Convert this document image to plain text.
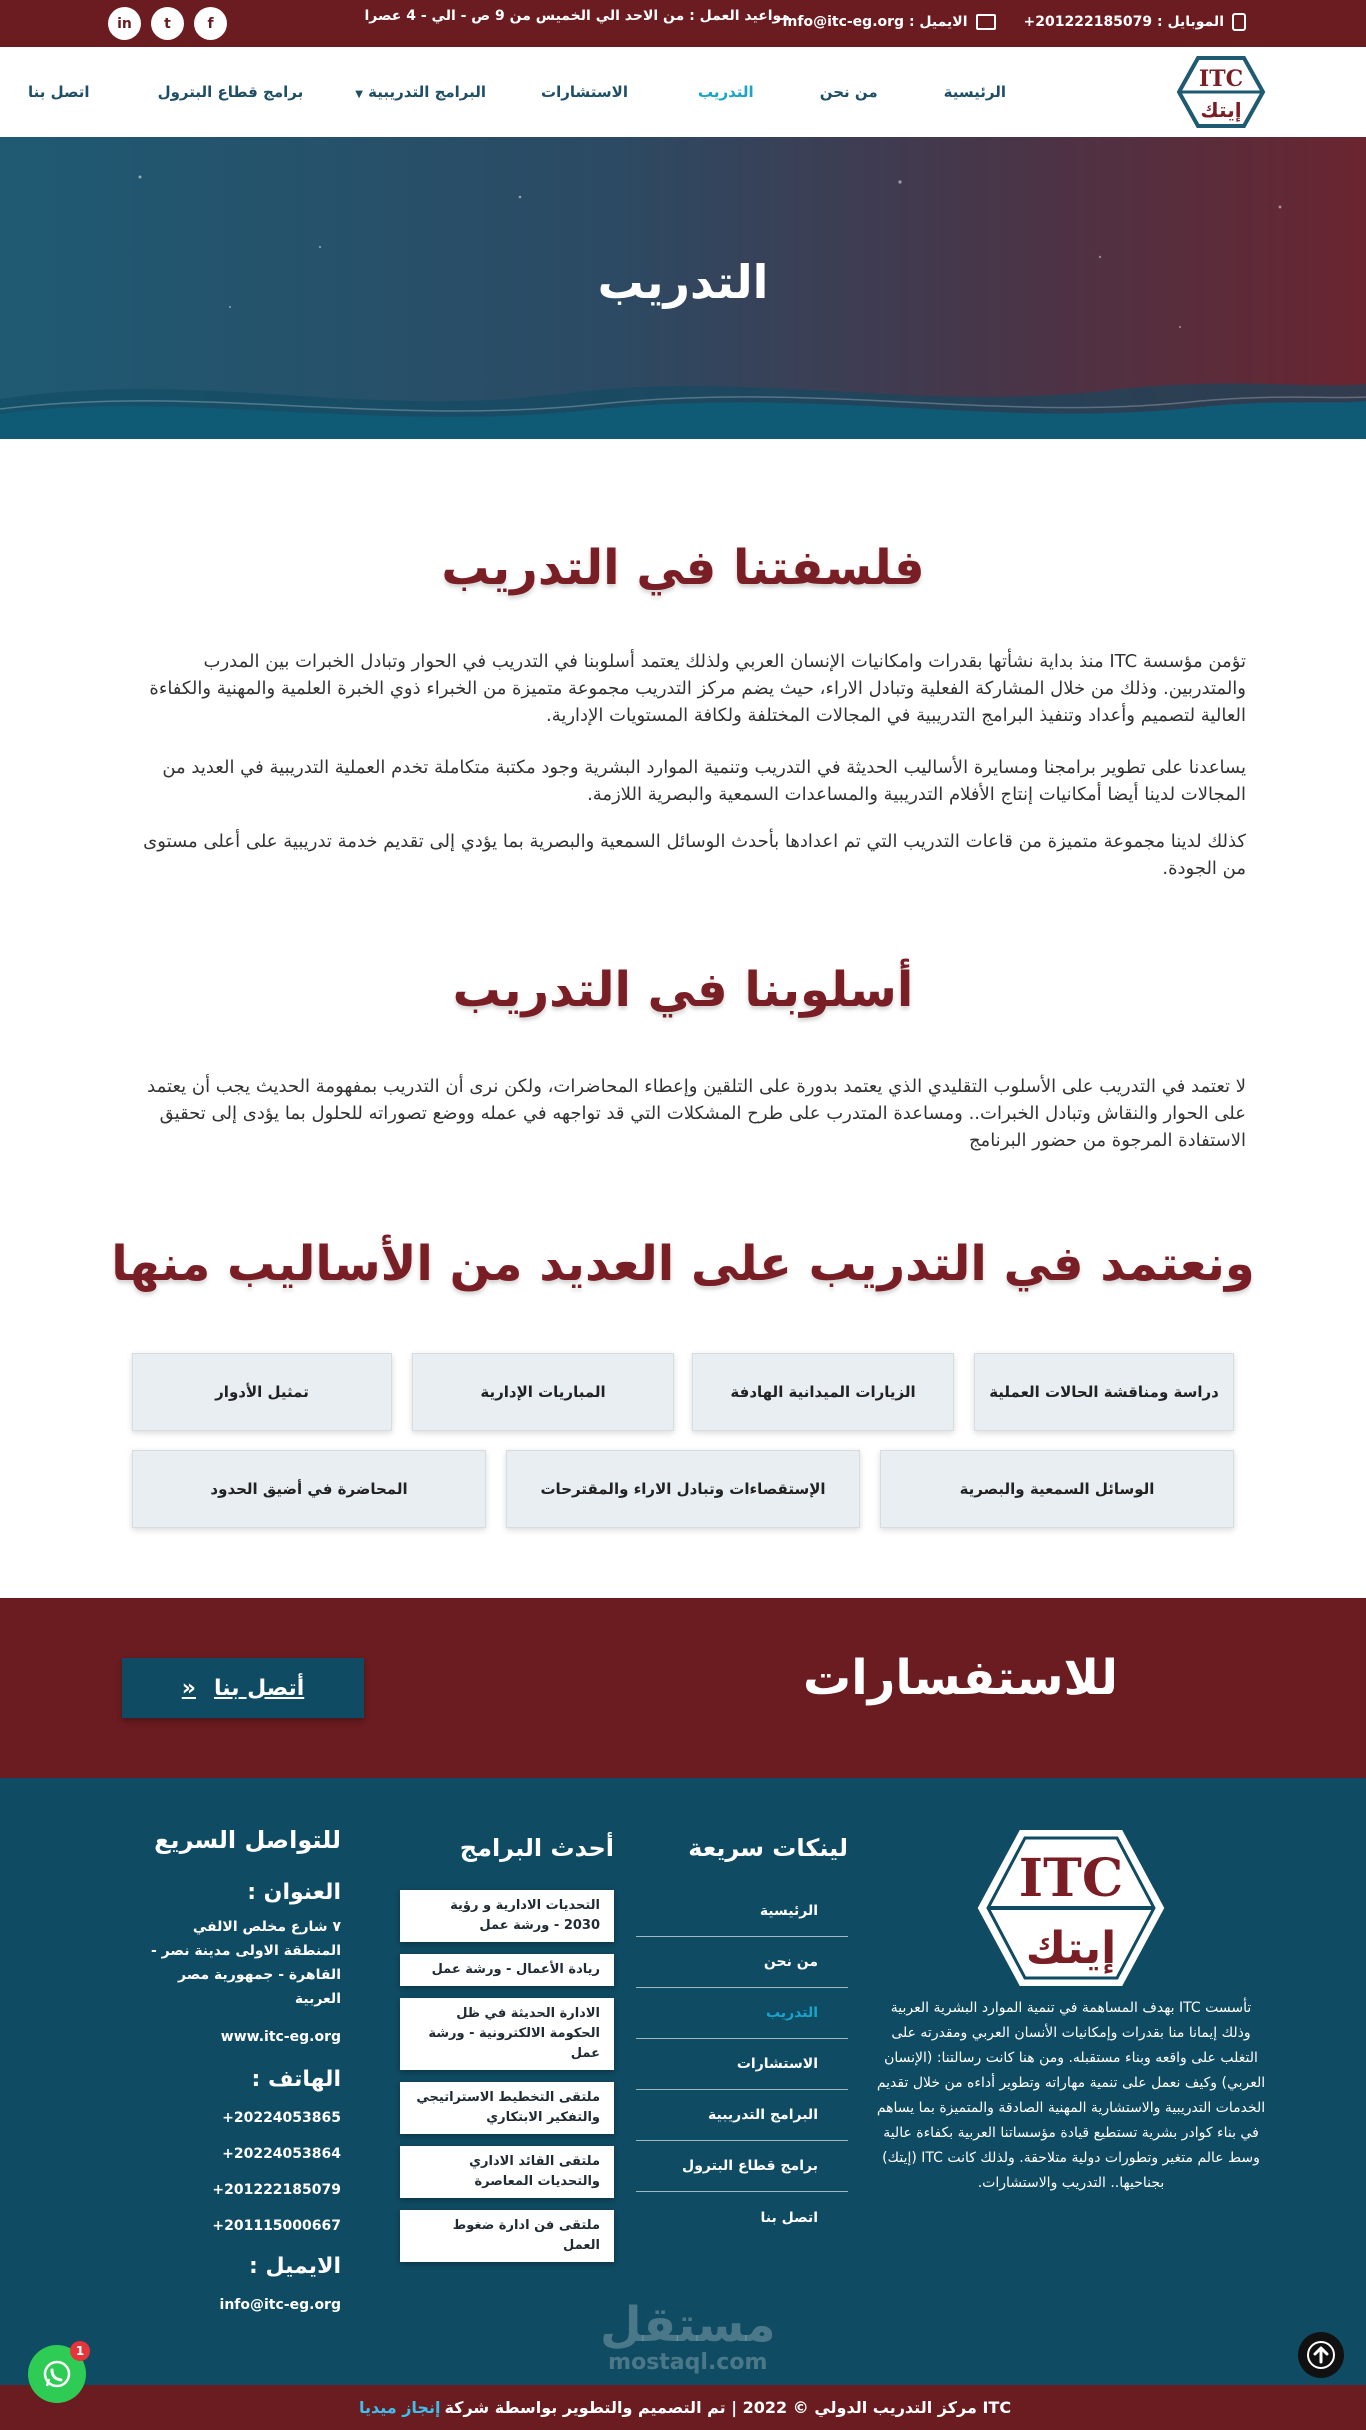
الموبايل : 201222185079+
الايميل : info@itc-eg.org
مواعيد العمل : من الاحد الي الخميس من 9 ص - الي - 4 عصرا
f
t
in
ITC
إيتك
الرئيسية
من نحن
التدريب
الاستشارات
البرامج التدريبية ▼
برامج قطاع البترول
اتصل بنا
التدريب
فلسفتنا في التدريب

تؤمن مؤسسة ITC منذ بداية نشأتها بقدرات وامكانيات الإنسان العربي ولذلك يعتمد أسلوبنا في التدريب في الحوار وتبادل الخبرات بين المدرب والمتدربين. وذلك من خلال المشاركة الفعلية وتبادل الاراء، حيث يضم مركز التدريب مجموعة متميزة من الخبراء ذوي الخبرة العلمية والمهنية والكفاءة العالية لتصميم وأعداد وتنفيذ البرامج التدريبية في المجالات المختلفة ولكافة المستويات الإدارية.

يساعدنا على تطوير برامجنا ومسايرة الأساليب الحديثة في التدريب وتنمية الموارد البشرية وجود مكتبة متكاملة تخدم العملية التدريبية في العديد من المجالات لدينا أيضا أمكانيات إنتاج الأفلام التدريبية والمساعدات السمعية والبصرية اللازمة.

كذلك لدينا مجموعة متميزة من قاعات التدريب التي تم اعدادها بأحدث الوسائل السمعية والبصرية بما يؤدي إلى تقديم خدمة تدريبية على أعلى مستوى من الجودة.

أسلوبنا في التدريب

لا تعتمد في التدريب على الأسلوب التقليدي الذي يعتمد بدورة على التلقين وإعطاء المحاضرات، ولكن نرى أن التدريب بمفهومة الحديث يجب أن يعتمد على الحوار والنقاش وتبادل الخبرات.. ومساعدة المتدرب على طرح المشكلات التي قد تواجهه في عمله ووضع تصوراته للحلول بما يؤدى إلى تحقيق الاستفادة المرجوة من حضور البرنامج

ونعتمد في التدريب على العديد من الأساليب منها
دراسة ومناقشة الحالات العملية
الزيارات الميدانية الهادفة
المباريات الإدارية
تمثيل الأدوار
الوسائل السمعية والبصرية
الإستقصاءات وتبادل الاراء والمقترحات
المحاضرة في أضيق الحدود
للاستفسارات
أتصل بنا
«
ITC
إيتك

تأسست ITC بهدف المساهمة في تنمية الموارد البشرية العربية وذلك إيمانا منا بقدرات وإمكانيات الأنسان العربي ومقدرته على التغلب على واقعه وبناء مستقبله. ومن هنا كانت رسالتنا: (الإنسان العربي) وكيف نعمل على تنمية مهاراته وتطوير أداءه من خلال تقديم الخدمات التدريبية والاستشارية المهنية الصادقة والمتميزة بما يساهم في بناء كوادر بشرية تستطيع قيادة مؤسساتنا العربية بكفاءة عالية وسط عالم متغير وتطورات دولية متلاحقة. ولذلك كانت ITC (إيتك) بجناحيها.. التدريب والاستشارات.

لينكات سريعة
الرئيسية
من نحن
التدريب
الاستشارات
البرامج التدريبية
برامج قطاع البترول
اتصل بنا
أحدث البرامج
التحديات الادارية و رؤية 2030 - ورشة عمل
ريادة الأعمال - ورشة عمل
الادارة الحديثة في ظل الحكومة الالكترونية - ورشة عمل
ملتقى التخطيط الاستراتيجي والتفكير الابتكاري
ملتقى القائد الاداري والتحديات المعاصرة
ملتقى فن ادارة ضغوط العمل
للتواصل السريع
العنوان :
٧ شارع مخلص الالفي المنطقة الاولى مدينة نصر - القاهرة - جمهورية مصر العربية
www.itc-eg.org
الهاتف :
+20224053865
+20224053864
+201222185079
+201115000667
الايميل :
info@itc-eg.org	مستقل
mostaql.com
ITC مركز التدريب الدولي © 2022 | تم التصميم والتطوير بواسطة شركة
إنجاز ميديا
1
